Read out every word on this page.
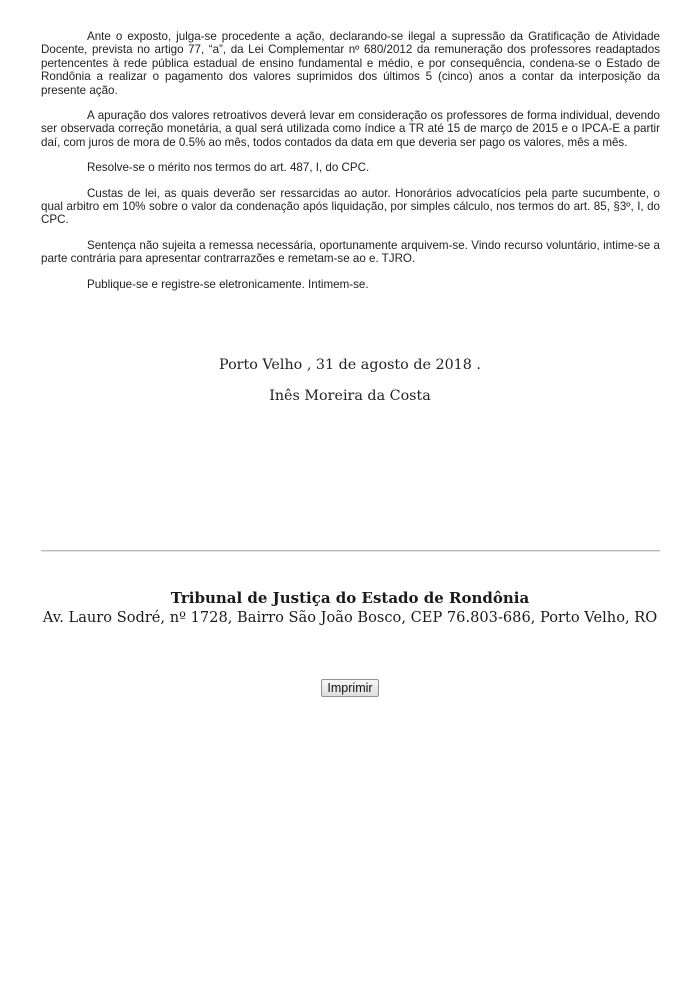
Ante o exposto, julga-se procedente a ação, declarando-se ilegal a supressão da Gratificação de Atividade Docente, prevista no artigo 77, “a”, da Lei Complementar nº 680/2012 da remuneração dos professores readaptados pertencentes à rede pública estadual de ensino fundamental e médio, e por consequência, condena-se o Estado de Rondônia a realizar o pagamento dos valores suprimidos dos últimos 5 (cinco) anos a contar da interposição da presente ação.

A apuração dos valores retroativos deverá levar em consideração os professores de forma individual, devendo ser observada correção monetária, a qual será utilizada como índice a TR até 15 de março de 2015 e o IPCA-E a partir daí, com juros de mora de 0.5% ao mês, todos contados da data em que deveria ser pago os valores, mês a mês.

Resolve-se o mérito nos termos do art. 487, I, do CPC.

Custas de lei, as quais deverão ser ressarcidas ao autor. Honorários advocatícios pela parte sucumbente, o qual arbitro em 10% sobre o valor da condenação após liquidação, por simples cálculo, nos termos do art. 85, §3º, I, do CPC.

Sentença não sujeita a remessa necessária, oportunamente arquivem-se. Vindo recurso voluntário, intime-se a parte contrária para apresentar contrarrazões e remetam-se ao e. TJRO.

Publique-se e registre-se eletronicamente. Intimem-se.

Porto Velho , 31 de agosto de 2018 .
Inês Moreira da Costa
Tribunal de Justiça do Estado de Rondônia
Av. Lauro Sodré, nº 1728, Bairro São João Bosco, CEP 76.803-686, Porto Velho, RO
Imprimir
